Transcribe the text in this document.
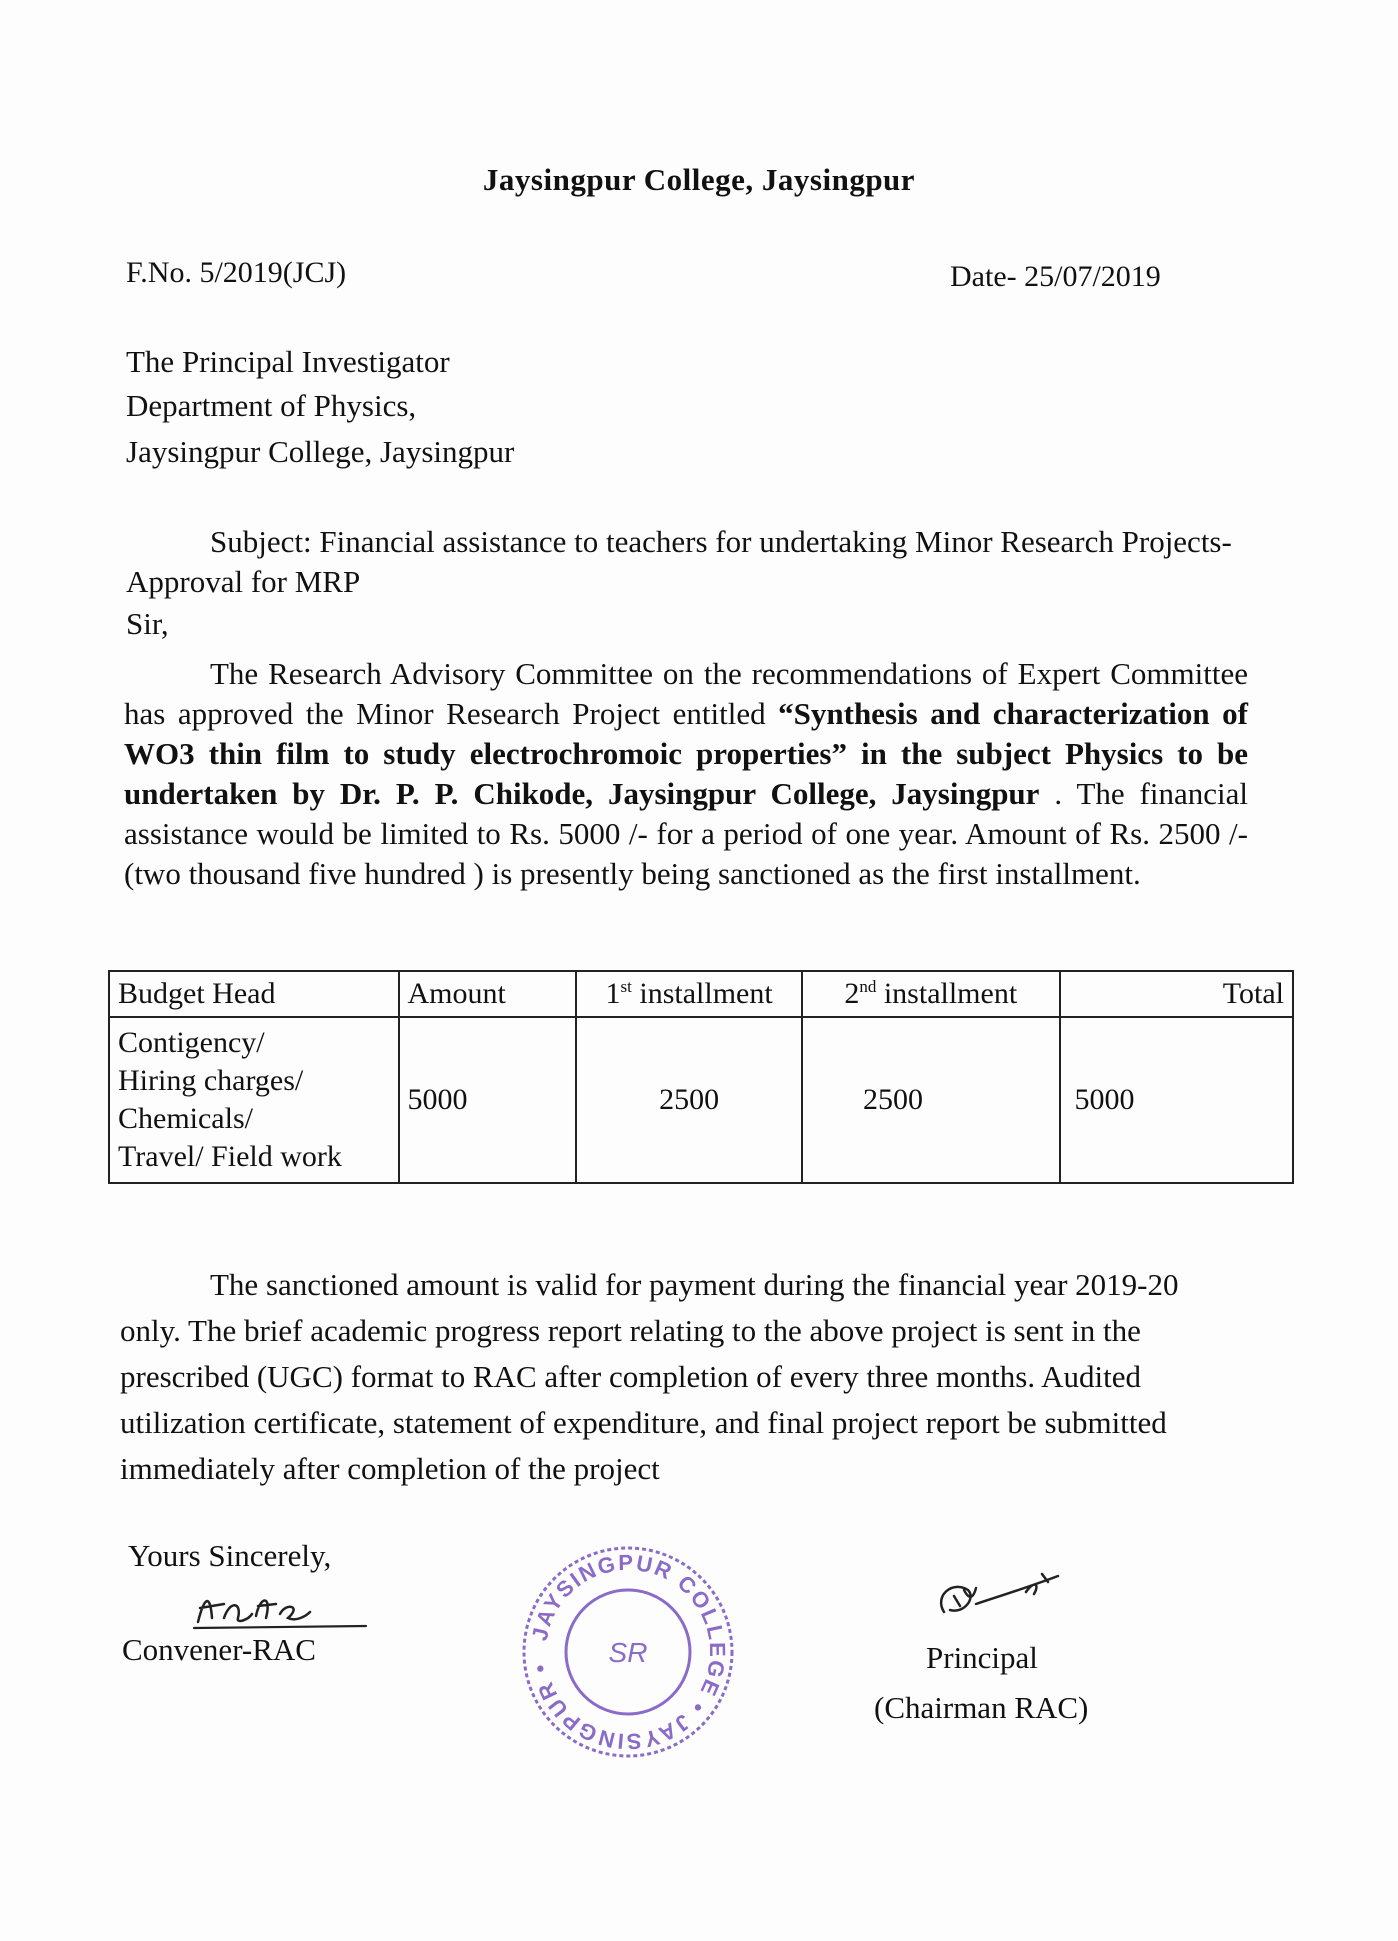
Jaysingpur College, Jaysingpur
F.No. 5/2019(JCJ)	Date- 25/07/2019
The Principal Investigator
Department of Physics,
Jaysingpur College, Jaysingpur
Subject: Financial assistance to teachers for undertaking Minor Research Projects- Approval for MRP
Sir,
The Research Advisory Committee on the recommendations of Expert Committee has approved the Minor Research Project entitled “Synthesis and characterization of WO3 thin film to study electrochromoic properties” in the subject Physics to be undertaken by Dr. P. P. Chikode, Jaysingpur College, Jaysingpur . The financial assistance would be limited to Rs. 5000 /- for a period of one year. Amount of Rs. 2500 /- (two thousand five hundred ) is presently being sanctioned as the first installment.
Budget Head	Amount	1st installment	2nd installment	Total

Contigency/
Hiring charges/
Chemicals/
Travel/ Field work	5000	2500	2500	5000
The sanctioned amount is valid for payment during the financial year 2019-20 only. The brief academic progress report relating to the above project is sent in the prescribed (UGC) format to RAC after completion of every three months. Audited utilization certificate, statement of expenditure, and final project report be submitted immediately after completion of the project
Yours Sincerely,
Convener-RAC	JAYSINGPUR COLLEGE • JAYSINGPUR •	SR	Principal
(Chairman RAC)
